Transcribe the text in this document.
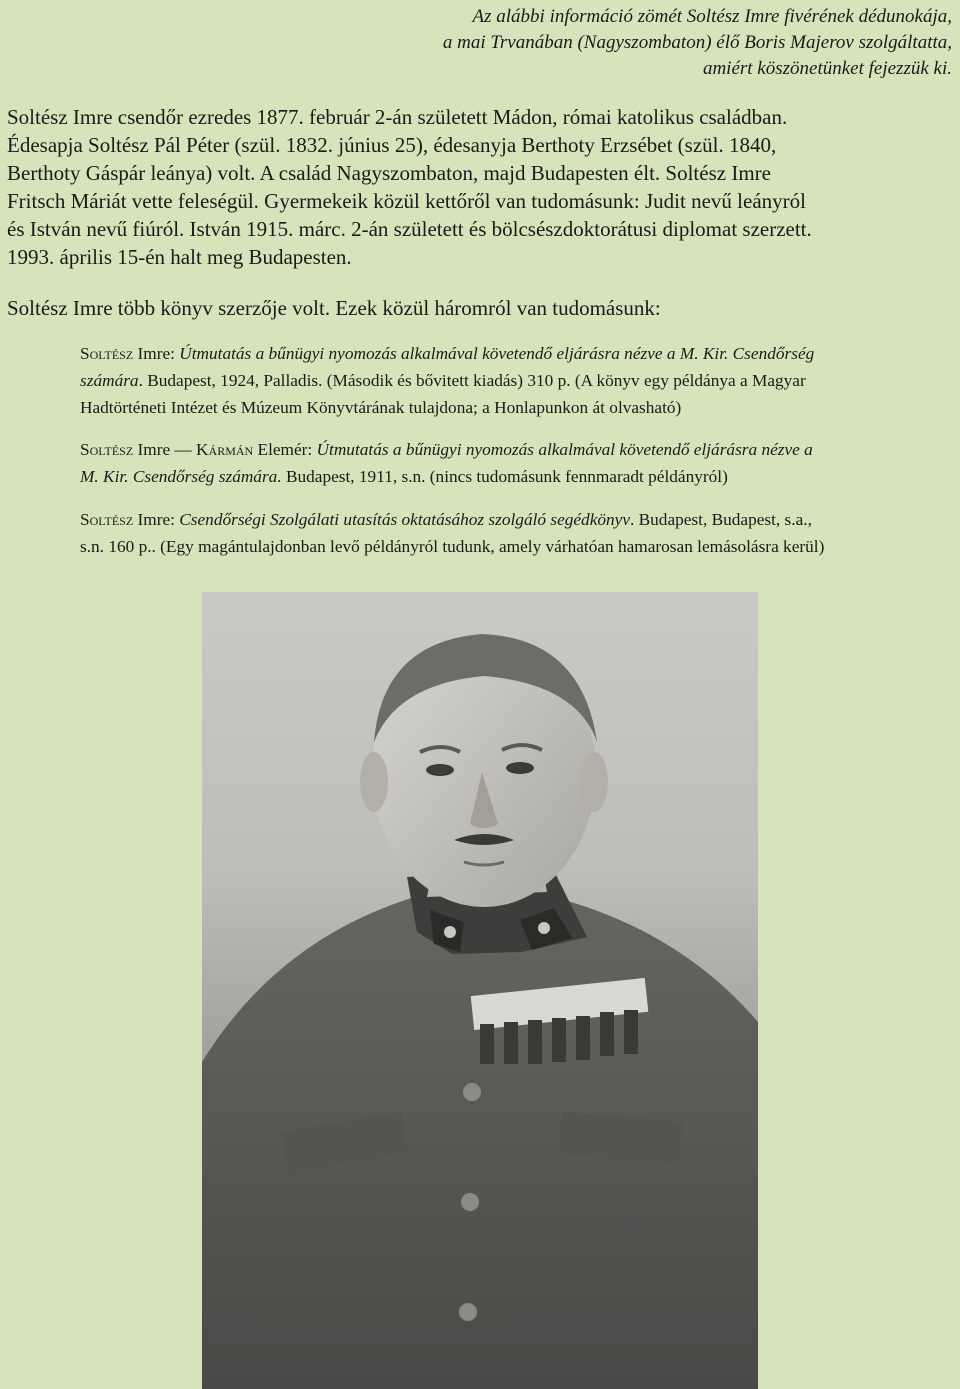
Az alábbi információ zömét Soltész Imre fivérének dédunokája,
a mai Trvanában (Nagyszombaton) élő Boris Majerov szolgáltatta,
amiért köszönetünket fejezzük ki.

Soltész Imre csendőr ezredes 1877. február 2-án született Mádon, római katolikus családban.
Édesapja Soltész Pál Péter (szül. 1832. június 25), édesanyja Berthoty Erzsébet (szül. 1840,
Berthoty Gáspár leánya) volt. A család Nagyszombaton, majd Budapesten élt. Soltész Imre
Fritsch Máriát vette feleségül. Gyermekeik közül kettőről van tudomásunk: Judit nevű leányról
és István nevű fiúról. István 1915. márc. 2-án született és bölcsészdoktorátusi diplomat szerzett.
1993. április 15-én halt meg Budapesten.

Soltész Imre több könyv szerzője volt. Ezek közül háromról van tudomásunk:

Soltész Imre: Útmutatás a bűnügyi nyomozás alkalmával követendő eljárásra nézve a M. Kir. Csendőrség
számára. Budapest, 1924, Palladis. (Második és bővitett kiadás) 310 p. (A könyv egy példánya a Magyar
Hadtörténeti Intézet és Múzeum Könyvtárának tulajdona; a Honlapunkon át olvasható)

Soltész Imre — Kármán Elemér: Útmutatás a bűnügyi nyomozás alkalmával követendő eljárásra nézve a
M. Kir. Csendőrség számára. Budapest, 1911, s.n. (nincs tudomásunk fennmaradt példányról)

Soltész Imre: Csendőrségi Szolgálati utasítás oktatásához szolgáló segédkönyv. Budapest, Budapest, s.a.,
s.n. 160 p.. (Egy magántulajdonban levő példányról tudunk, amely várhatóan hamarosan lemásolásra kerül)
